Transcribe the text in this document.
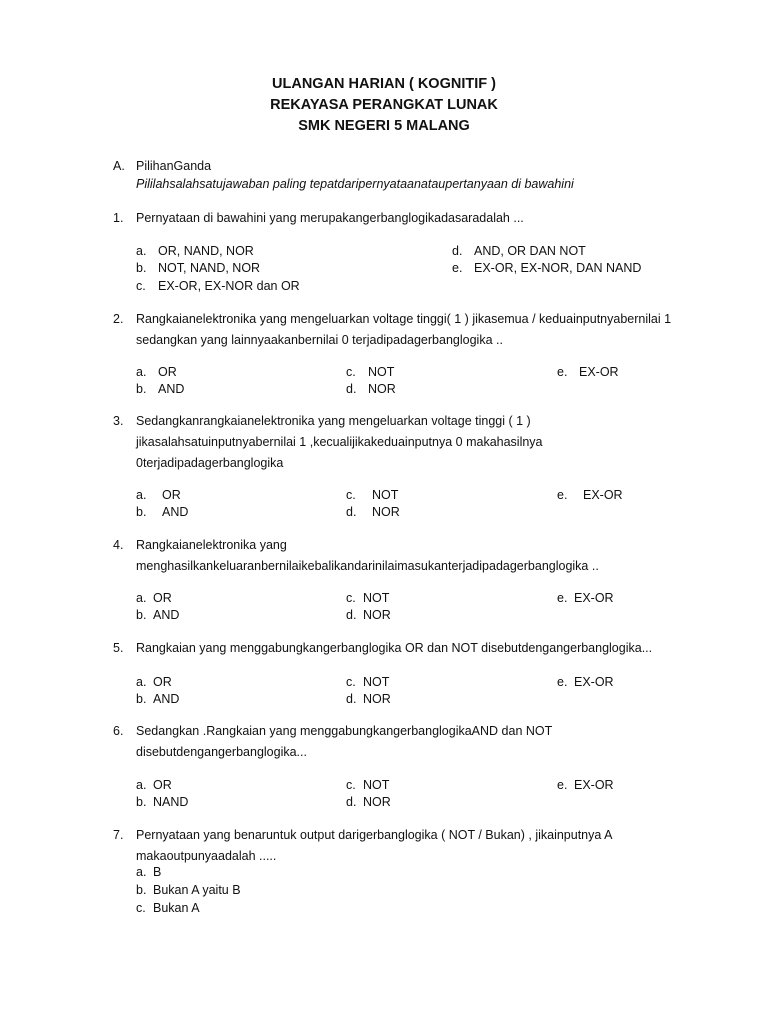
ULANGAN HARIAN ( KOGNITIF )
REKAYASA PERANGKAT LUNAK
SMK NEGERI 5 MALANG
A. PilihanGanda
Pililahsalahsatujawaban paling tepatdaripernyataanataupertanyaan di bawahini
1. Pernyataan di bawahini yang merupakangerbanglogikadasaradalah ...
a. OR, NAND, NOR
b. NOT, NAND, NOR
c. EX-OR, EX-NOR dan OR
d. AND, OR DAN NOT
e. EX-OR, EX-NOR, DAN NAND
2. Rangkaianelektronika yang mengeluarkan voltage tinggi( 1 ) jikasemua / keduainputnyabernilai 1
sedangkan yang lainnyaakanbernilai 0 terjadipadagerbanglogika ..
a. OR
b. AND
c. NOT
d. NOR
e. EX-OR
3. Sedangkanrangkaianelektronika yang mengeluarkan voltage tinggi ( 1 )
jikasalahsatuinputnyabernilai 1 ,kecualijikakeduainputnya 0 makahasilnya
0terjadipadagerbanglogika
a. OR
b. AND
c. NOT
d. NOR
e. EX-OR
4. Rangkaianelektronika yang
menghasilkankeluaranbernilaikebalikandarinilaimasukanterjadipadagerbanglogika ..
a. OR
b. AND
c. NOT
d. NOR
e. EX-OR
5. Rangkaian yang menggabungkangerbanglogika OR dan NOT disebutdengangerbanglogika...
a. OR
b. AND
c. NOT
d. NOR
e. EX-OR
6. Sedangkan .Rangkaian yang menggabungkangerbanglogikaAND dan NOT
disebutdengangerbanglogika...
a. OR
b. NAND
c. NOT
d. NOR
e. EX-OR
7. Pernyataan yang benaruntuk output darigerbanglogika ( NOT / Bukan) , jikainputnya A
makaoutpunyaadalah .....
a. B
b. Bukan A yaitu B
c. Bukan A
